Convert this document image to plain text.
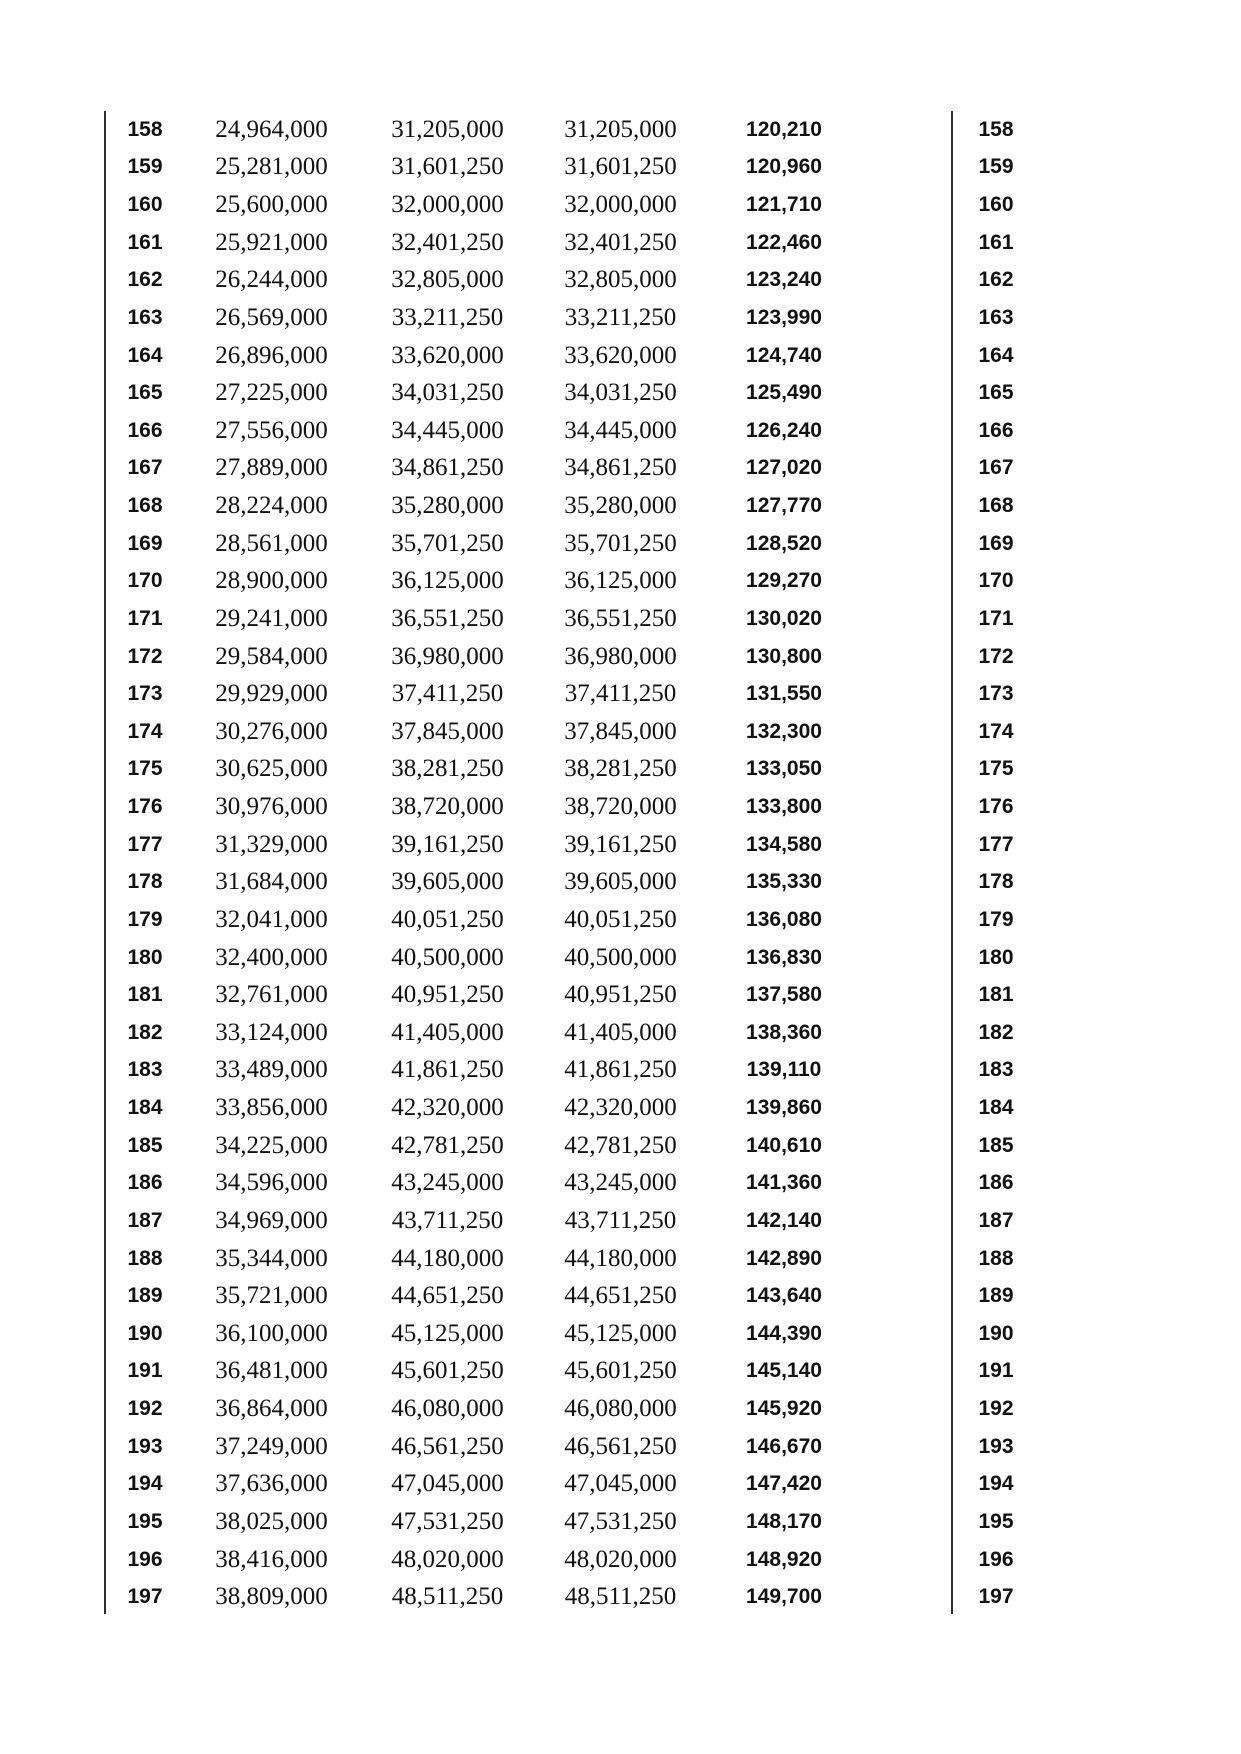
158	24,964,000	31,205,000	31,205,000	120,210	158
159	25,281,000	31,601,250	31,601,250	120,960	159
160	25,600,000	32,000,000	32,000,000	121,710	160
161	25,921,000	32,401,250	32,401,250	122,460	161
162	26,244,000	32,805,000	32,805,000	123,240	162
163	26,569,000	33,211,250	33,211,250	123,990	163
164	26,896,000	33,620,000	33,620,000	124,740	164
165	27,225,000	34,031,250	34,031,250	125,490	165
166	27,556,000	34,445,000	34,445,000	126,240	166
167	27,889,000	34,861,250	34,861,250	127,020	167
168	28,224,000	35,280,000	35,280,000	127,770	168
169	28,561,000	35,701,250	35,701,250	128,520	169
170	28,900,000	36,125,000	36,125,000	129,270	170
171	29,241,000	36,551,250	36,551,250	130,020	171
172	29,584,000	36,980,000	36,980,000	130,800	172
173	29,929,000	37,411,250	37,411,250	131,550	173
174	30,276,000	37,845,000	37,845,000	132,300	174
175	30,625,000	38,281,250	38,281,250	133,050	175
176	30,976,000	38,720,000	38,720,000	133,800	176
177	31,329,000	39,161,250	39,161,250	134,580	177
178	31,684,000	39,605,000	39,605,000	135,330	178
179	32,041,000	40,051,250	40,051,250	136,080	179
180	32,400,000	40,500,000	40,500,000	136,830	180
181	32,761,000	40,951,250	40,951,250	137,580	181
182	33,124,000	41,405,000	41,405,000	138,360	182
183	33,489,000	41,861,250	41,861,250	139,110	183
184	33,856,000	42,320,000	42,320,000	139,860	184
185	34,225,000	42,781,250	42,781,250	140,610	185
186	34,596,000	43,245,000	43,245,000	141,360	186
187	34,969,000	43,711,250	43,711,250	142,140	187
188	35,344,000	44,180,000	44,180,000	142,890	188
189	35,721,000	44,651,250	44,651,250	143,640	189
190	36,100,000	45,125,000	45,125,000	144,390	190
191	36,481,000	45,601,250	45,601,250	145,140	191
192	36,864,000	46,080,000	46,080,000	145,920	192
193	37,249,000	46,561,250	46,561,250	146,670	193
194	37,636,000	47,045,000	47,045,000	147,420	194
195	38,025,000	47,531,250	47,531,250	148,170	195
196	38,416,000	48,020,000	48,020,000	148,920	196
197	38,809,000	48,511,250	48,511,250	149,700	197
